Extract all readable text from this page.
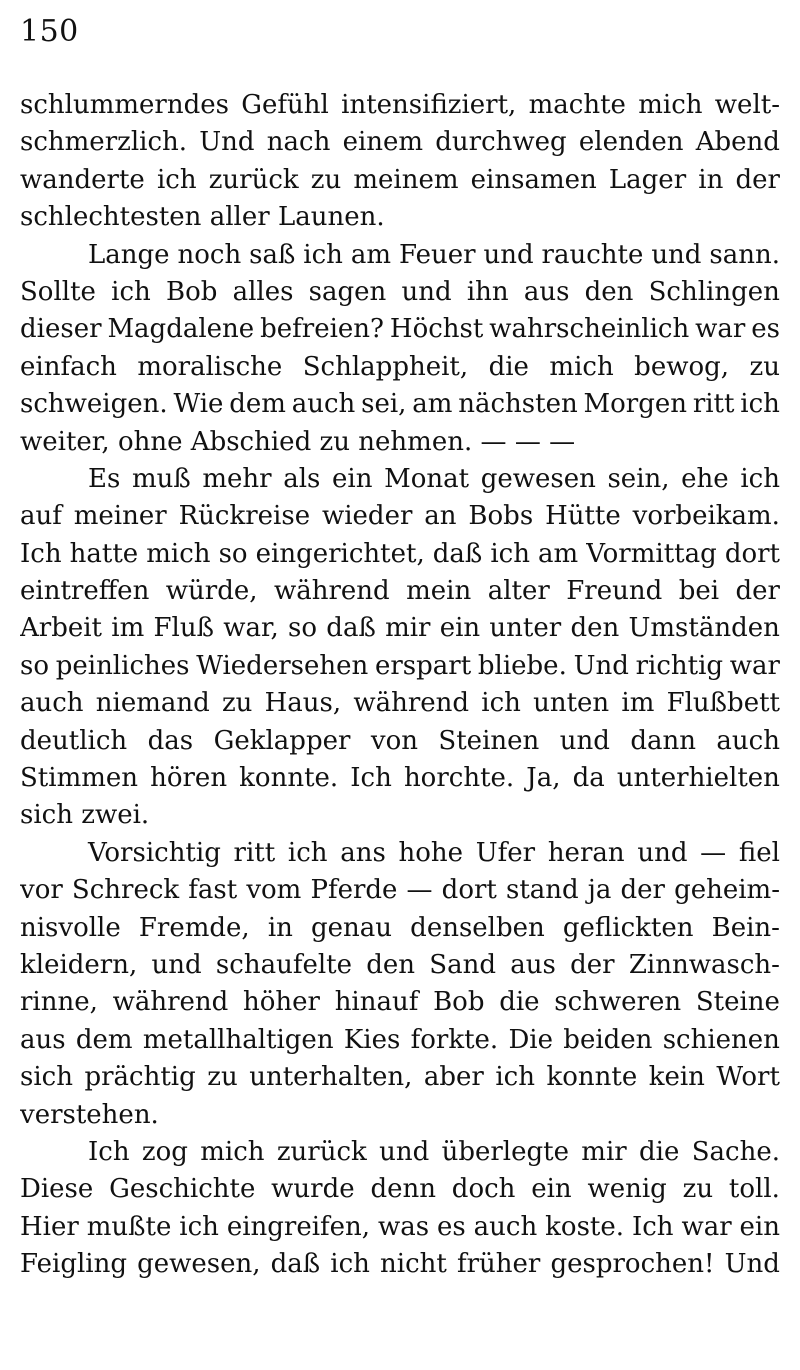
150
schlummerndes Gefühl intensifiziert, machte mich welt-
schmerzlich. Und nach einem durchweg elenden Abend
wanderte ich zurück zu meinem einsamen Lager in der
schlechtesten aller Launen.
Lange noch saß ich am Feuer und rauchte und sann.
Sollte ich Bob alles sagen und ihn aus den Schlingen
dieser Magdalene befreien? Höchst wahrscheinlich war es
einfach moralische Schlappheit, die mich bewog, zu
schweigen. Wie dem auch sei, am nächsten Morgen ritt ich
weiter, ohne Abschied zu nehmen. — — —
Es muß mehr als ein Monat gewesen sein, ehe ich
auf meiner Rückreise wieder an Bobs Hütte vorbeikam.
Ich hatte mich so eingerichtet, daß ich am Vormittag dort
eintreffen würde, während mein alter Freund bei der
Arbeit im Fluß war, so daß mir ein unter den Umständen
so peinliches Wiedersehen erspart bliebe. Und richtig war
auch niemand zu Haus, während ich unten im Flußbett
deutlich das Geklapper von Steinen und dann auch
Stimmen hören konnte. Ich horchte. Ja, da unterhielten
sich zwei.
Vorsichtig ritt ich ans hohe Ufer heran und — fiel
vor Schreck fast vom Pferde — dort stand ja der geheim-
nisvolle Fremde, in genau denselben geflickten Bein-
kleidern, und schaufelte den Sand aus der Zinnwasch-
rinne, während höher hinauf Bob die schweren Steine
aus dem metallhaltigen Kies forkte. Die beiden schienen
sich prächtig zu unterhalten, aber ich konnte kein Wort
verstehen.
Ich zog mich zurück und überlegte mir die Sache.
Diese Geschichte wurde denn doch ein wenig zu toll.
Hier mußte ich eingreifen, was es auch koste. Ich war ein
Feigling gewesen, daß ich nicht früher gesprochen! Und
